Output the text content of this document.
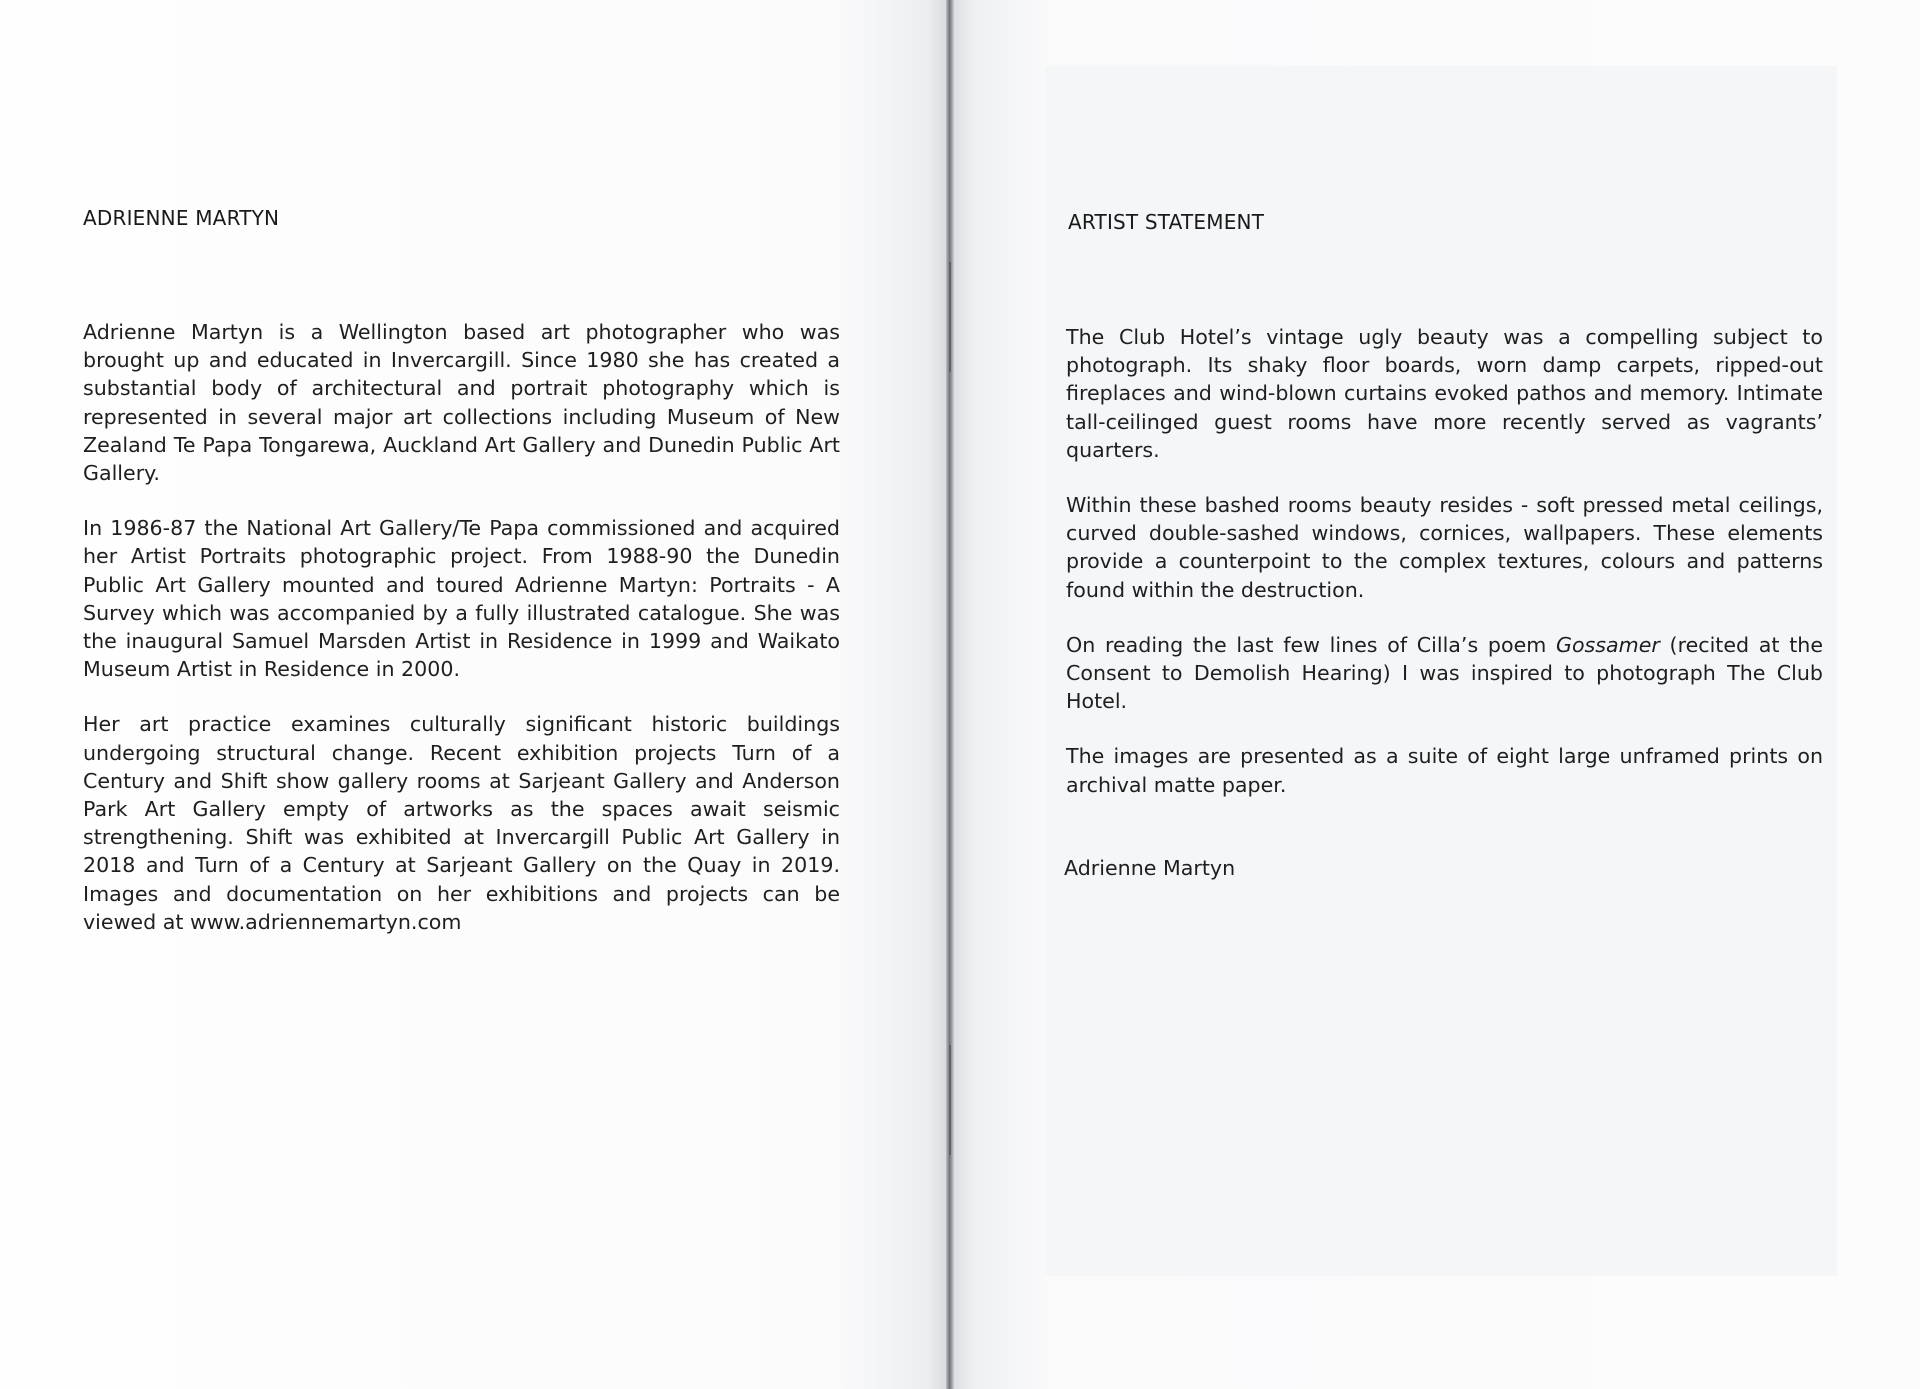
ADRIENNE MARTYN

Adrienne Martyn is a Wellington based art photographer who was brought up and educated in Invercargill. Since 1980 she has created a substantial body of architectural and portrait photography which is represented in several major art collections including Museum of New Zealand Te Papa Tongarewa, Auckland Art Gallery and Dunedin Public Art Gallery.

In 1986-87 the National Art Gallery/Te Papa commissioned and acquired her Artist Portraits photographic project. From 1988-90 the Dunedin Public Art Gallery mounted and toured Adrienne Martyn: Portraits - A Survey which was accompanied by a fully illustrated catalogue. She was the inaugural Samuel Marsden Artist in Residence in 1999 and Waikato Museum Artist in Residence in 2000.

Her art practice examines culturally significant historic buildings undergoing structural change. Recent exhibition projects Turn of a Century and Shift show gallery rooms at Sarjeant Gallery and Anderson Park Art Gallery empty of artworks as the spaces await seismic strengthening. Shift was exhibited at Invercargill Public Art Gallery in 2018 and Turn of a Century at Sarjeant Gallery on the Quay in 2019. Images and documentation on her exhibitions and projects can be viewed at www.adriennemartyn.com

ARTIST STATEMENT

The Club Hotel’s vintage ugly beauty was a compelling subject to photograph. Its shaky floor boards, worn damp carpets, ripped-out fireplaces and wind-blown curtains evoked pathos and memory. Intimate tall-ceilinged guest rooms have more recently served as vagrants’ quarters.

Within these bashed rooms beauty resides - soft pressed metal ceilings, curved double-sashed windows, cornices, wallpapers. These elements provide a counterpoint to the complex textures, colours and patterns found within the destruction.

On reading the last few lines of Cilla’s poem Gossamer (recited at the Consent to Demolish Hearing) I was inspired to photograph The Club Hotel.

The images are presented as a suite of eight large unframed prints on archival matte paper.

Adrienne Martyn
